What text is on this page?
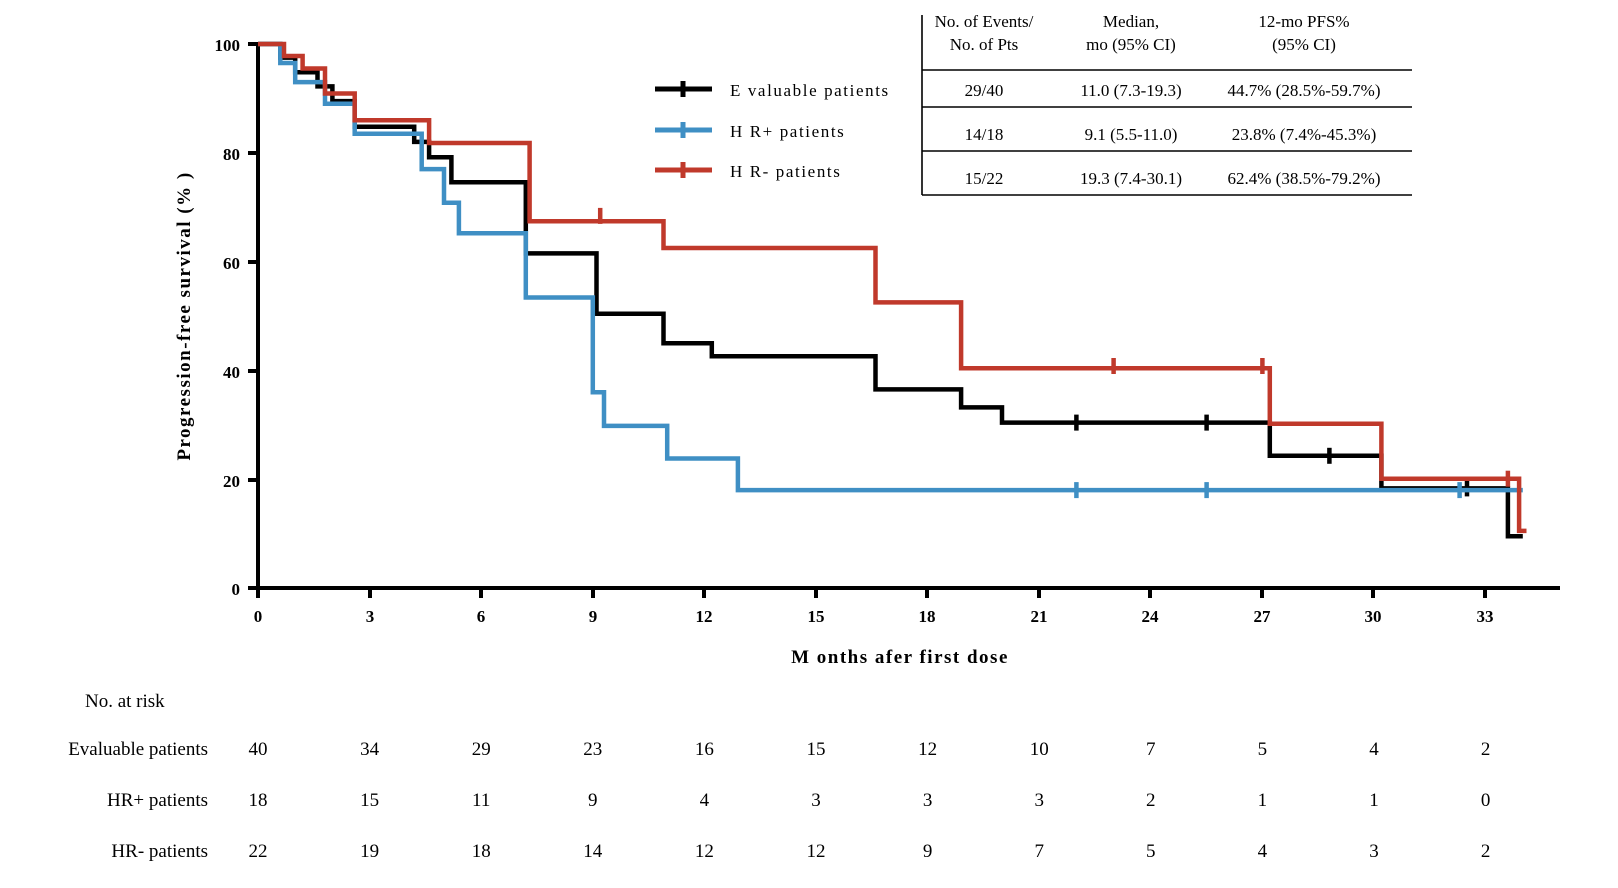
100
80
60
40
20
0
0	3	6	9	12	15	18	21	24	27	30	33
Progression-free survival (% )
M onths afer first dose
E valuable patients
H R+ patients
H R- patients
No. of Events/
No. of Pts
Median,
mo (95% CI)
12-mo PFS%
(95% CI)
29/40	11.0 (7.3-19.3)	44.7% (28.5%-59.7%)
14/18	9.1 (5.5-11.0)	23.8% (7.4%-45.3%)
15/22	19.3 (7.4-30.1)	62.4% (38.5%-79.2%)
No. at risk
Evaluable patients
HR+ patients
HR- patients
40	34	29	23	16	15	12	10	7	5	4	2
18	15	11	9	4	3	3	3	2	1	1	0
22	19	18	14	12	12	9	7	5	4	3	2
